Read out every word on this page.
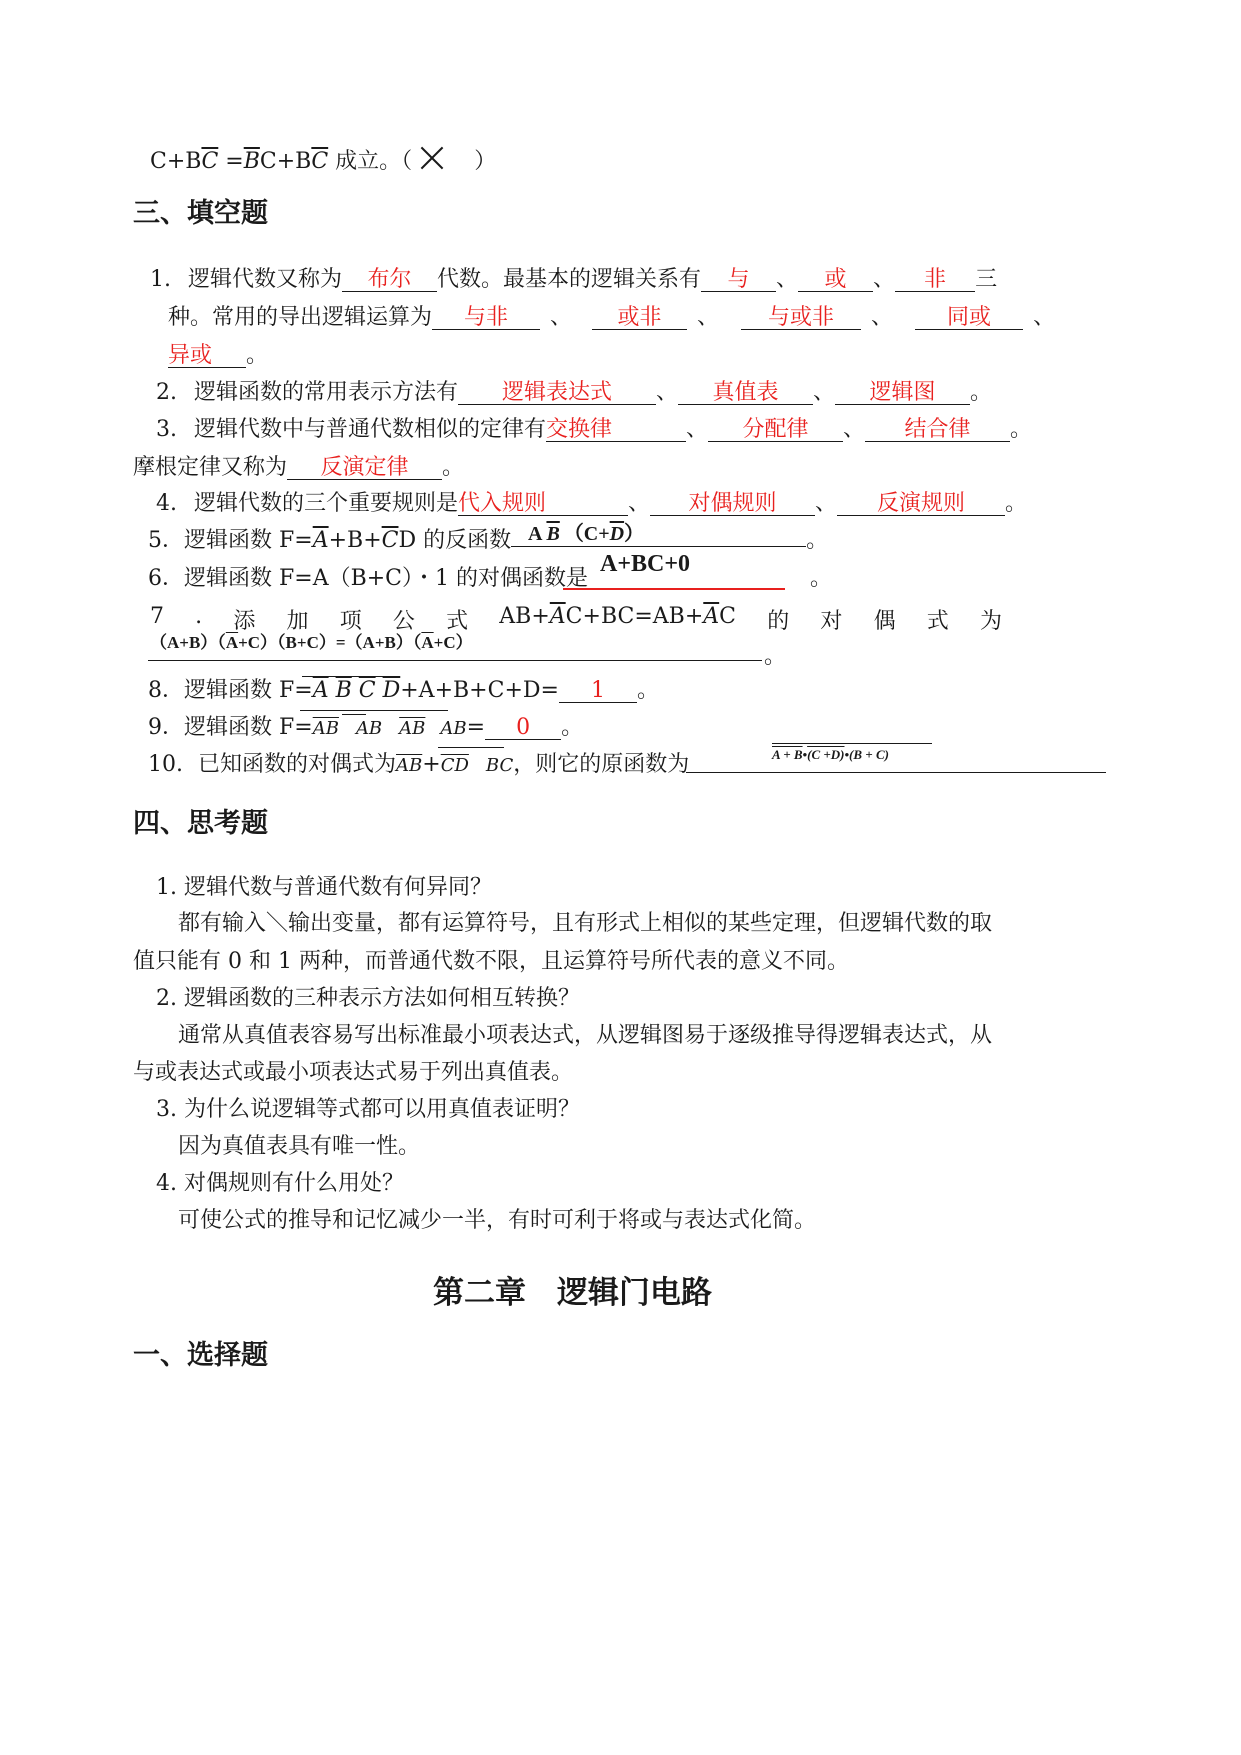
$C+B\overline{C} =\overline{B}C+B\overline{C}$ 成立。（	）
三、填空题
1. 逻辑代数又称为 布尔 代数。最基本的逻辑关系有 与 、 或 、 非 三
种。常用的导出逻辑运算为 与非 、 或非 、 与或非 、 同或 、
异或 。
2. 逻辑函数的常用表示方法有 逻辑表达式 、 真值表 、 逻辑图 。
3. 逻辑代数中与普通代数相似的定律有交换律	、 分配律 、 结合律 。
摩根定律又称为 反演定律 。
4. 逻辑代数的三个重要规则是代入规则	、 对偶规则 、 反演规则 。
5．逻辑函数 $F=\overline{A}+B+\overline{C}D$ 的反函数	。
A $\overline{B}$ $(C+\overline{D})$
6．逻辑函数 F=A（B+C）・1 的对偶函数是	。
A+BC+0
7 . 添 加 项 公 式 $AB+\overline{A}C+BC=AB+\overline{A}C$ 的 对 偶 式 为
$(A+B)(\overline{A}+C)(B+C)=(A+B)(\overline{A}+C)$
。
8．逻辑函数 $F=\overline{A}$ $\overline{B}$ $\overline{C}$ $\overline{D}+A+B+C+D= 1$ 。
9．逻辑函数 $F=\overline{AB}$ AB $\overline{AB}$ AB= 0 。
10. 已知函数的对偶式为$\overline{AB}+\overline{CD}$ BC，则它的原函数为	A + B•(C +D)•(B + C)
四、思考题
1. 逻辑代数与普通代数有何异同？
都有输入＼输出变量，都有运算符号，且有形式上相似的某些定理，但逻辑代数的取
值只能有 0 和 1 两种，而普通代数不限，且运算符号所代表的意义不同。
2. 逻辑函数的三种表示方法如何相互转换？
通常从真值表容易写出标准最小项表达式，从逻辑图易于逐级推导得逻辑表达式，从
与或表达式或最小项表达式易于列出真值表。
3. 为什么说逻辑等式都可以用真值表证明？
因为真值表具有唯一性。
4. 对偶规则有什么用处？
可使公式的推导和记忆减少一半，有时可利于将或与表达式化简。
第二章　逻辑门电路
一、选择题
